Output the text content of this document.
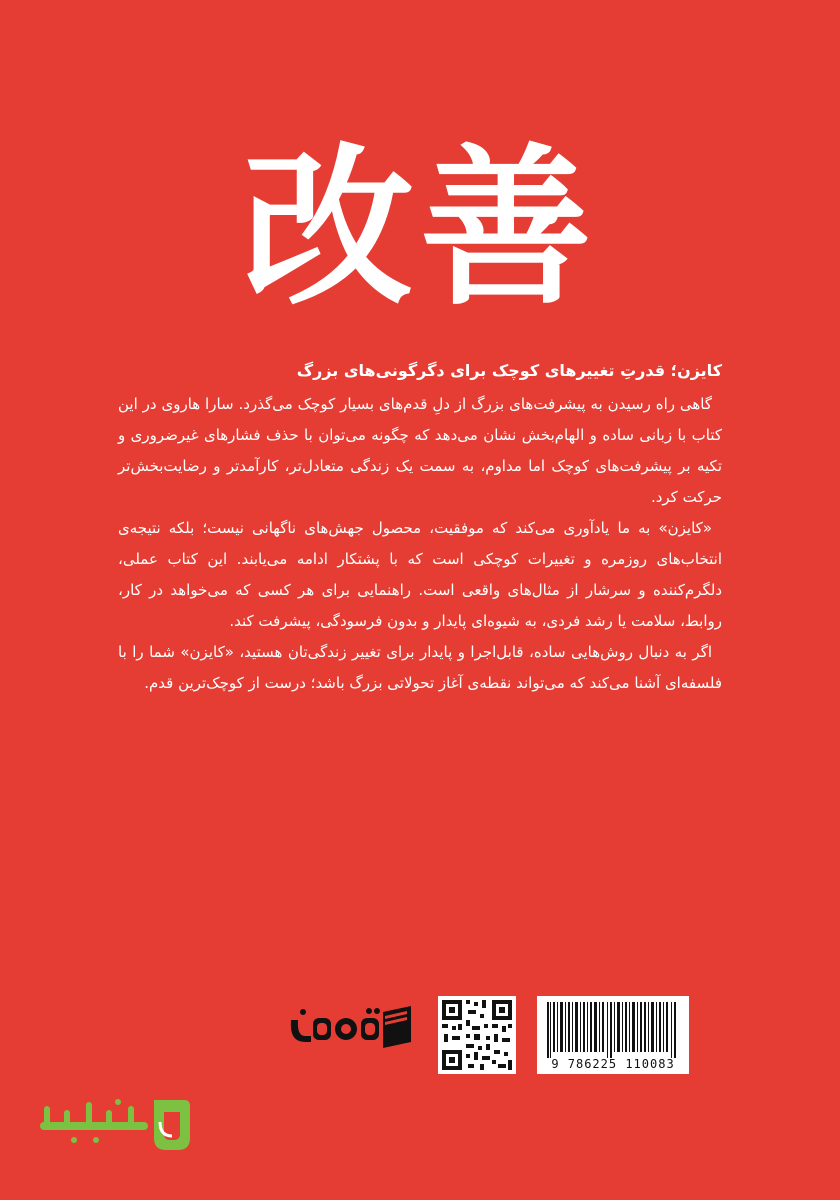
改善

کایزن؛ قدرتِ تغییرهای کوچک برای دگرگونی‌های بزرگ

گاهی راه رسیدن به پیشرفت‌های بزرگ از دلِ قدم‌های بسیار کوچک می‌گذرد. سارا هاروی در این کتاب با زبانی ساده و الهام‌بخش نشان می‌دهد که چگونه می‌توان با حذف فشارهای غیرضروری و تکیه بر پیشرفت‌های کوچک اما مداوم، به سمت یک زندگی متعادل‌تر، کارآمدتر و رضایت‌بخش‌تر حرکت کرد.

«کایزن» به ما یادآوری می‌کند که موفقیت، محصول جهش‌های ناگهانی نیست؛ بلکه نتیجه‌ی انتخاب‌های روزمره و تغییرات کوچکی است که با پشتکار ادامه می‌یابند. این کتاب عملی، دلگرم‌کننده و سرشار از مثال‌های واقعی است. راهنمایی برای هر کسی که می‌خواهد در کار، روابط، سلامت یا رشد فردی، به شیوه‌ای پایدار و بدون فرسودگی، پیشرفت کند.

اگر به دنبال روش‌هایی ساده، قابل‌اجرا و پایدار برای تغییر زندگی‌تان هستید، «کایزن» شما را با فلسفه‌ای آشنا می‌کند که می‌تواند نقطه‌ی آغاز تحولاتی بزرگ باشد؛ درست از کوچک‌ترین قدم.

9 786225 110083
